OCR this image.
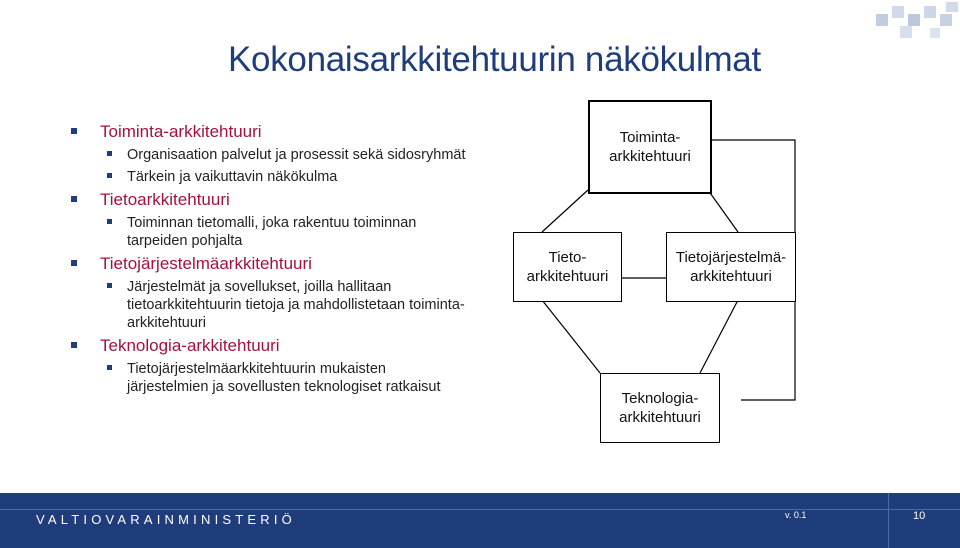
Kokonaisarkkitehtuurin näkökulmat
Toiminta-arkkitehtuuri
Organisaation palvelut ja prosessit sekä sidosryhmät
Tärkein ja vaikuttavin näkökulma
Tietoarkkitehtuuri
Toiminnan tietomalli, joka rakentuu toiminnan tarpeiden pohjalta
Tietojärjestelmäarkkitehtuuri
Järjestelmät ja sovellukset, joilla hallitaan tietoarkkitehtuurin tietoja ja mahdollistetaan toiminta-arkkitehtuuri
Teknologia-arkkitehtuuri
Tietojärjestelmäarkkitehtuurin mukaisten järjestelmien ja sovellusten teknologiset ratkaisut
Toiminta-
arkkitehtuuri
Tieto-
arkkitehtuuri
Tietojärjestelmä-
arkkitehtuuri
Teknologia-
arkkitehtuuri
VALTIOVARAINMINISTERIÖ	v. 0.1	10
